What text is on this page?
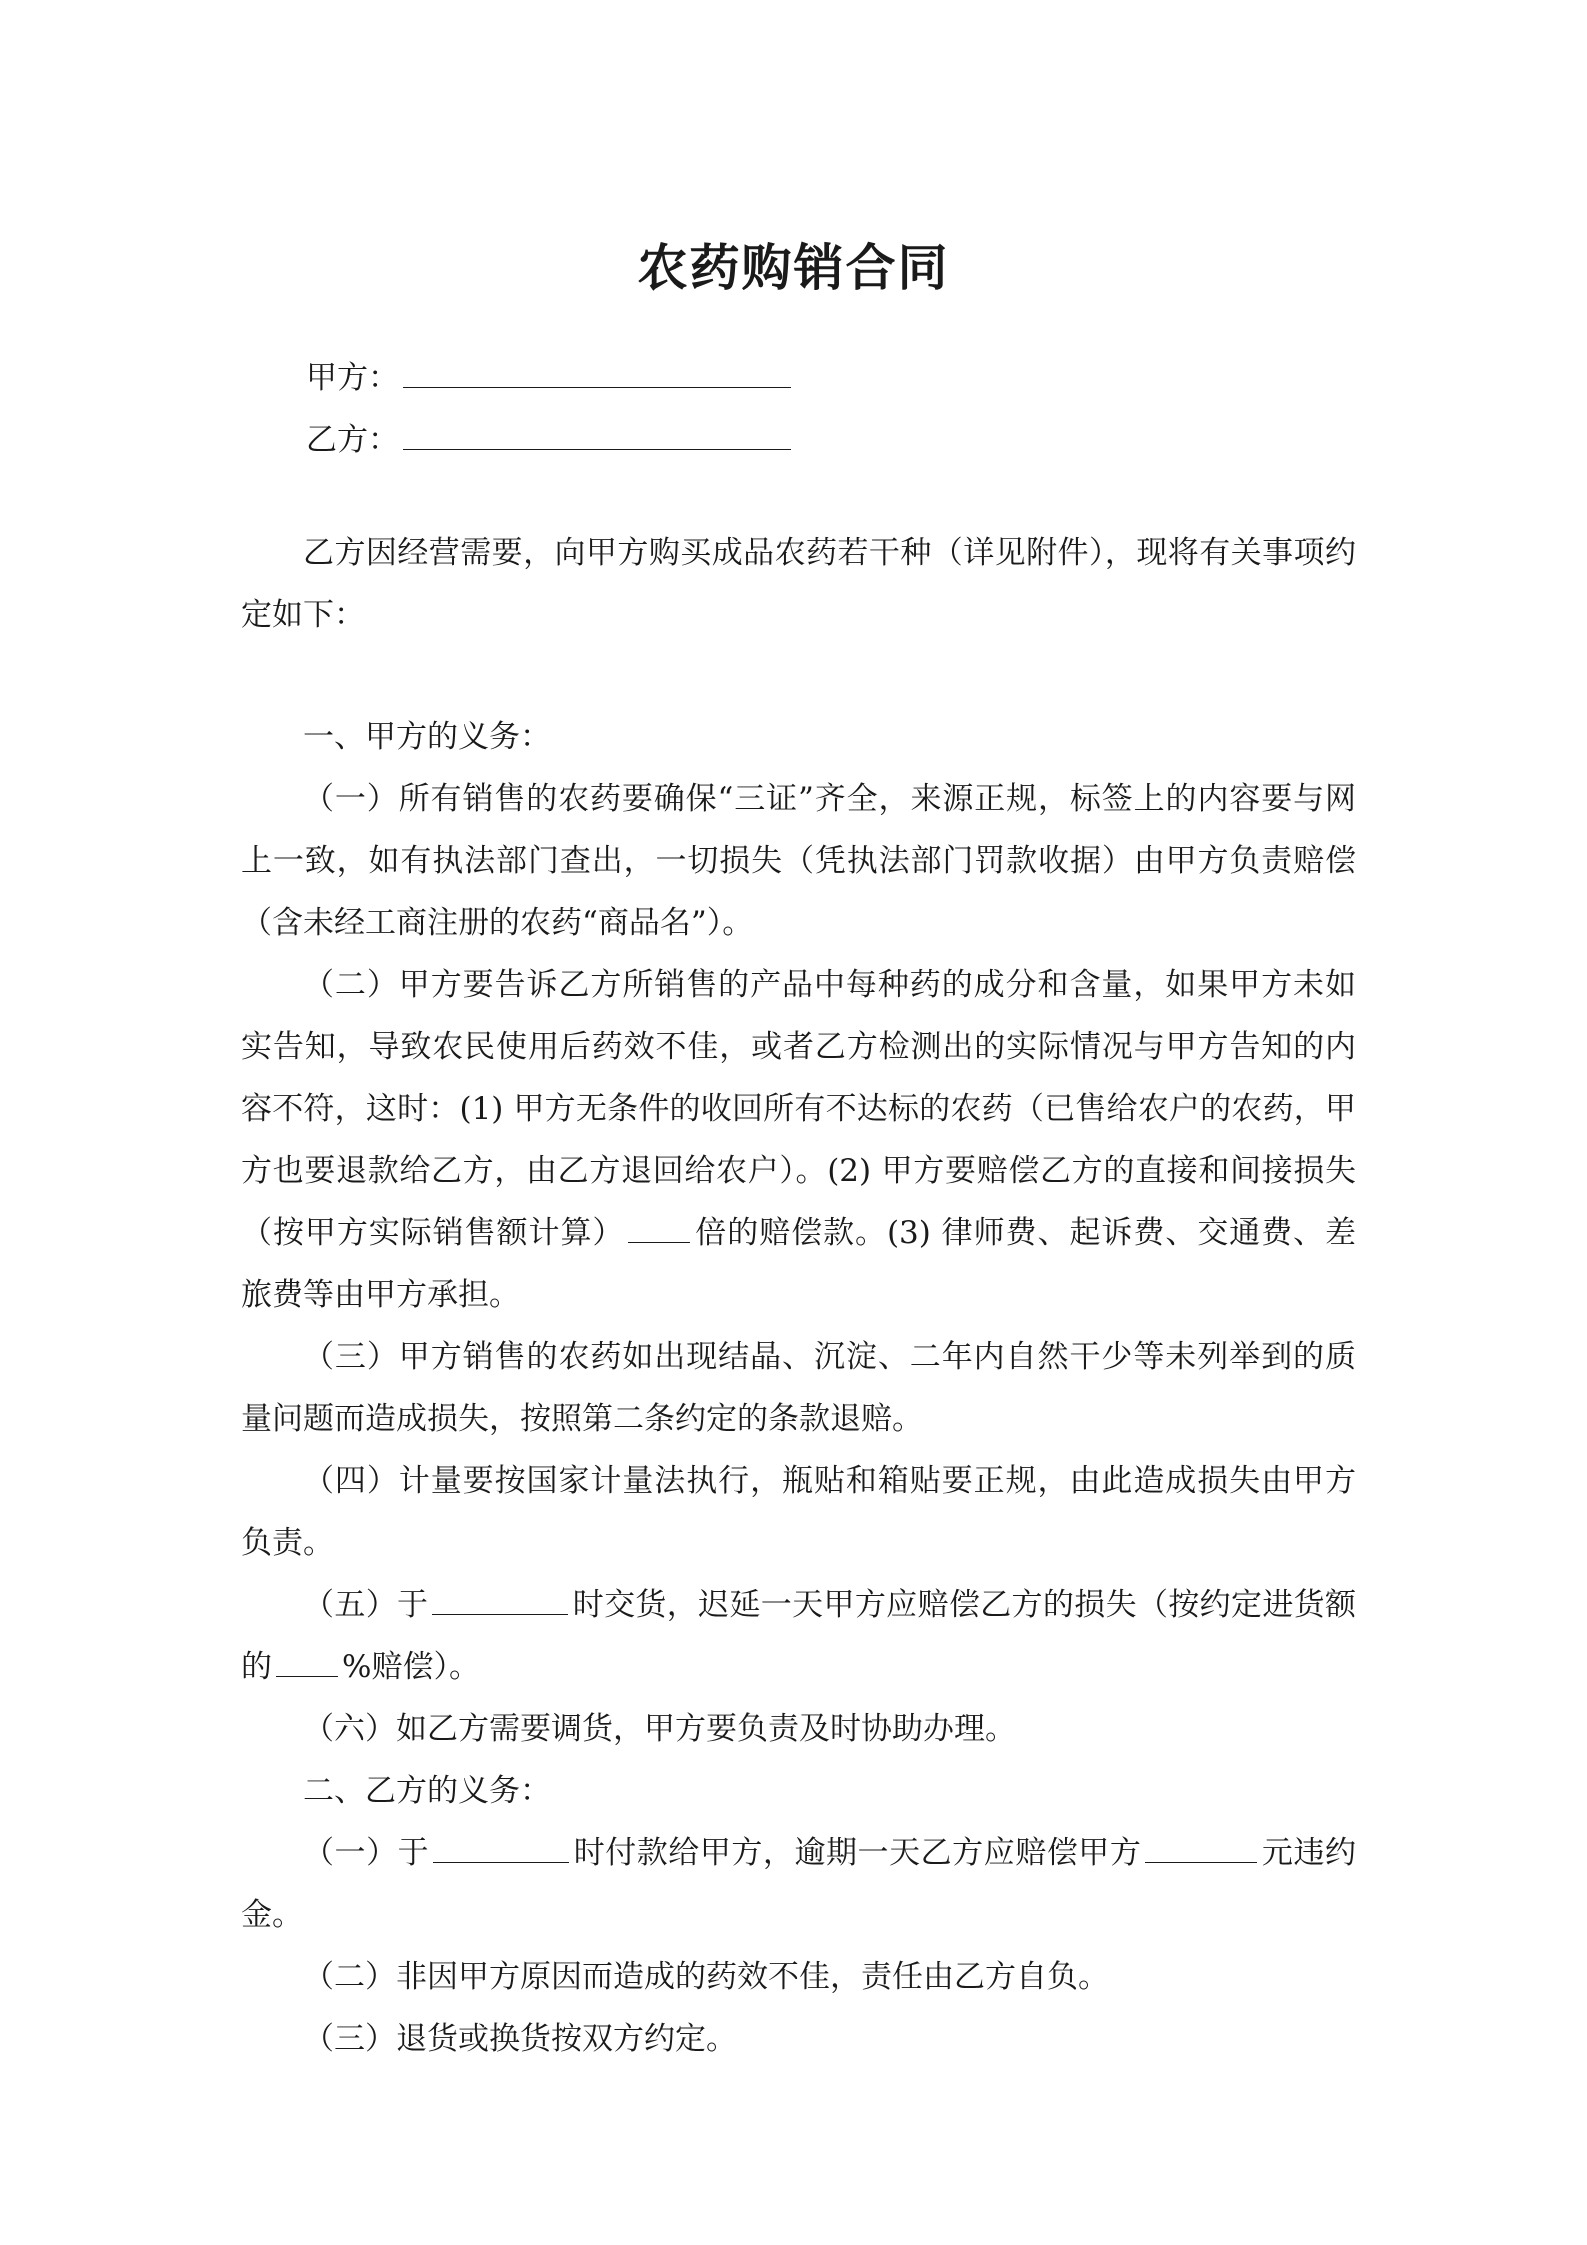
农药购销合同
甲方：
乙方：

乙方因经营需要，向甲方购买成品农药若干种（详见附件），现将有关事项约定如下：

一、甲方的义务：

（一）所有销售的农药要确保“三证”齐全，来源正规，标签上的内容要与网上一致，如有执法部门查出，一切损失（凭执法部门罚款收据）由甲方负责赔偿（含未经工商注册的农药“商品名”）。

（二）甲方要告诉乙方所销售的产品中每种药的成分和含量，如果甲方未如实告知，导致农民使用后药效不佳，或者乙方检测出的实际情况与甲方告知的内容不符，这时：(1) 甲方无条件的收回所有不达标的农药（已售给农户的农药，甲方也要退款给乙方，由乙方退回给农户）。(2) 甲方要赔偿乙方的直接和间接损失（按甲方实际销售额计算） 倍的赔偿款。(3) 律师费、起诉费、交通费、差旅费等由甲方承担。

（三）甲方销售的农药如出现结晶、沉淀、二年内自然干少等未列举到的质量问题而造成损失，按照第二条约定的条款退赔。

（四）计量要按国家计量法执行，瓶贴和箱贴要正规，由此造成损失由甲方负责。

（五）于	时交货，迟延一天甲方应赔偿乙方的损失（按约定进货额的 %赔偿）。

（六）如乙方需要调货，甲方要负责及时协助办理。

二、乙方的义务：

（一）于	时付款给甲方，逾期一天乙方应赔偿甲方	元违约金。

（二）非因甲方原因而造成的药效不佳，责任由乙方自负。

（三）退货或换货按双方约定。
